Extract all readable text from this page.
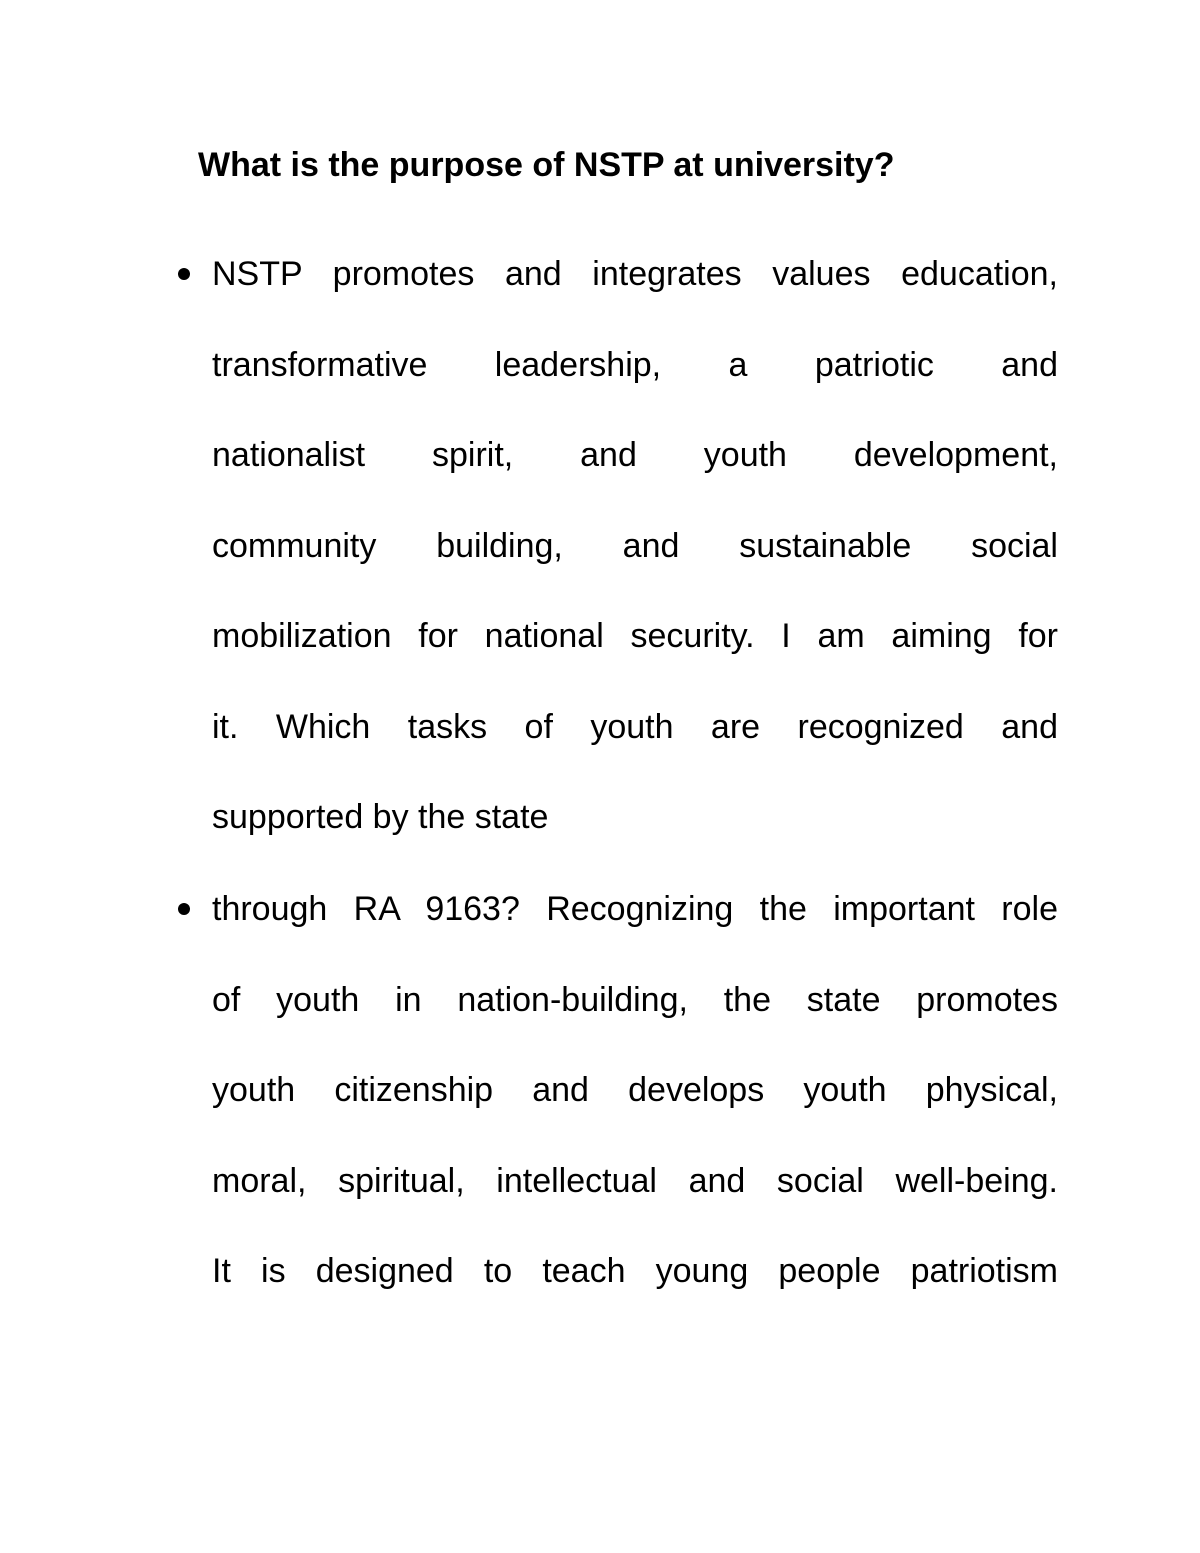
What is the purpose of NSTP at university?
NSTP promotes and integrates values education,
transformative leadership, a patriotic and
nationalist spirit, and youth development,
community building, and sustainable social
mobilization for national security. I am aiming for
it. Which tasks of youth are recognized and
supported by the state
through RA 9163? Recognizing the important role
of youth in nation-building, the state promotes
youth citizenship and develops youth physical,
moral, spiritual, intellectual and social well-being.
It is designed to teach young people patriotism
